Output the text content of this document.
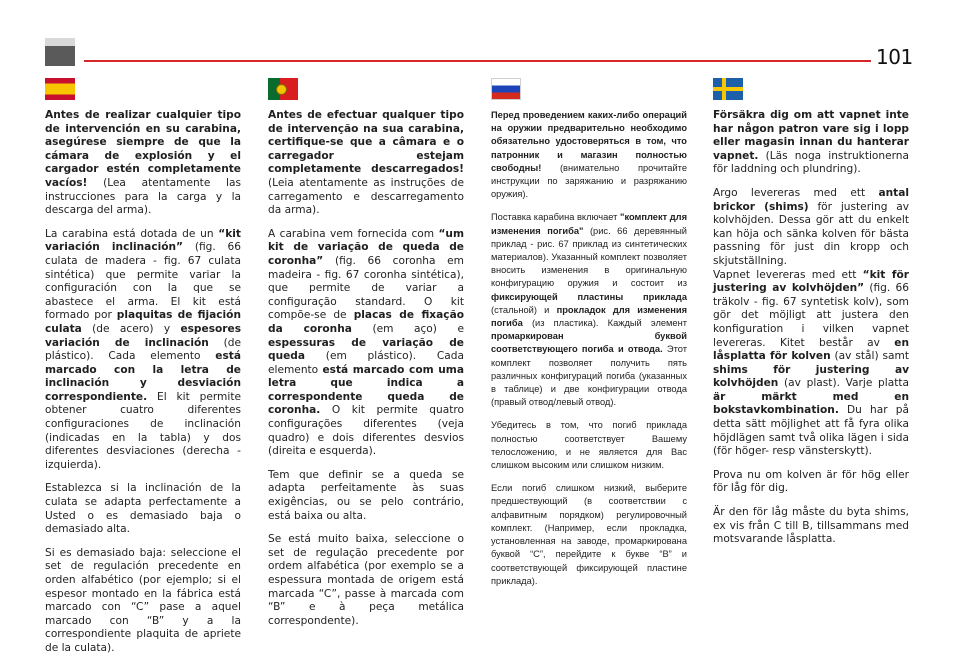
101

Antes de realizar cualquier tipo de intervención en su carabina, asegúrese siempre de que la cámara de explosión y el cargador estén completamente vacíos! (Lea atentamente las instrucciones para la carga y la descarga del arma).

La carabina está dotada de un “kit variación inclinación” (fig. 66 culata de madera - fig. 67 culata sintética) que permite variar la configuración con la que se abastece el arma. El kit está formado por plaquitas de fijación culata (de acero) y espesores variación de inclinación (de plástico). Cada elemento está marcado con la letra de inclinación y desviación correspondiente. El kit permite obtener cuatro diferentes configuraciones de inclinación (indicadas en la tabla) y dos diferentes desviaciones (derecha - izquierda).

Establezca si la inclinación de la culata se adapta perfectamente a Usted o es demasiado baja o demasiado alta.

Si es demasiado baja: seleccione el set de regulación precedente en orden alfabético (por ejemplo; si el espesor montado en la fábrica está marcado con “C” pase a aquel marcado con “B” y a la correspondiente plaquita de apriete de la culata).

Antes de efectuar qualquer tipo de intervenção na sua carabina, certifique-se que a câmara e o carregador estejam completamente descarregados! (Leia atentamente as instruções de carregamento e descarregamento da arma).

A carabina vem fornecida com “um kit de variação de queda de coronha” (fig. 66 coronha em madeira - fig. 67 coronha sintética), que permite de variar a configuração standard. O kit compõe-se de placas de fixação da coronha (em aço) e espessuras de variação de queda (em plástico). Cada elemento está marcado com uma letra que indica a correspondente queda de coronha. O kit permite quatro configurações diferentes (veja quadro) e dois diferentes desvios (direita e esquerda).

Tem que definir se a queda se adapta perfeitamente às suas exigências, ou se pelo contrário, está baixa ou alta.

Se está muito baixa, seleccione o set de regulação precedente por ordem alfabética (por exemplo se a espessura montada de origem está marcada “C”, passe à marcada com “B” e à peça metálica correspondente).

Перед проведением каких-либо операций на оружии предварительно необходимо обязательно удостоверяться в том, что патронник и магазин полностью свободны! (внимательно прочитайте инструкции по заряжанию и разряжанию оружия).

Поставка карабина включает "комплект для изменения погиба" (рис. 66 деревянный приклад - рис. 67 приклад из синтетических материалов). Указанный комплект позволяет вносить изменения в оригинальную конфигурацию оружия и состоит из фиксирующей пластины приклада (стальной) и прокладок для изменения погиба (из пластика). Каждый элемент промаркирован буквой соответствующего погиба и отвода. Этот комплект позволяет получить пять различных конфигураций погиба (указанных в таблице) и две конфигурации отвода (правый отвод/левый отвод).

Убедитесь в том, что погиб приклада полностью соответствует Вашему телосложению, и не является для Вас слишком высоким или слишком низким.

Если погиб слишком низкий, выберите предшествующий (в соответствии с алфавитным порядком) регулировочный комплект. (Например, если прокладка, установленная на заводе, промаркирована буквой “С”, перейдите к букве “В” и соответствующей фиксирующей пластине приклада).

Försäkra dig om att vapnet inte har någon patron vare sig i lopp eller magasin innan du hanterar vapnet. (Läs noga instruktionerna för laddning och plundring).

Argo levereras med ett antal brickor (shims) för justering av kolvhöjden. Dessa gör att du enkelt kan höja och sänka kolven för bästa passning för just din kropp och skjutställning.

Vapnet levereras med ett “kit för justering av kolvhöjden” (fig. 66 träkolv - fig. 67 syntetisk kolv), som gör det möjligt att justera den konfiguration i vilken vapnet levereras. Kitet består av en låsplatta för kolven (av stål) samt shims för justering av kolvhöjden (av plast). Varje platta är märkt med en bokstavkombination. Du har på detta sätt möjlighet att få fyra olika höjdlägen samt två olika lägen i sida (för höger- resp vänsterskytt).

Prova nu om kolven är för hög eller för låg för dig.

Är den för låg måste du byta shims, ex vis från C till B, tillsammans med motsvarande låsplatta.
